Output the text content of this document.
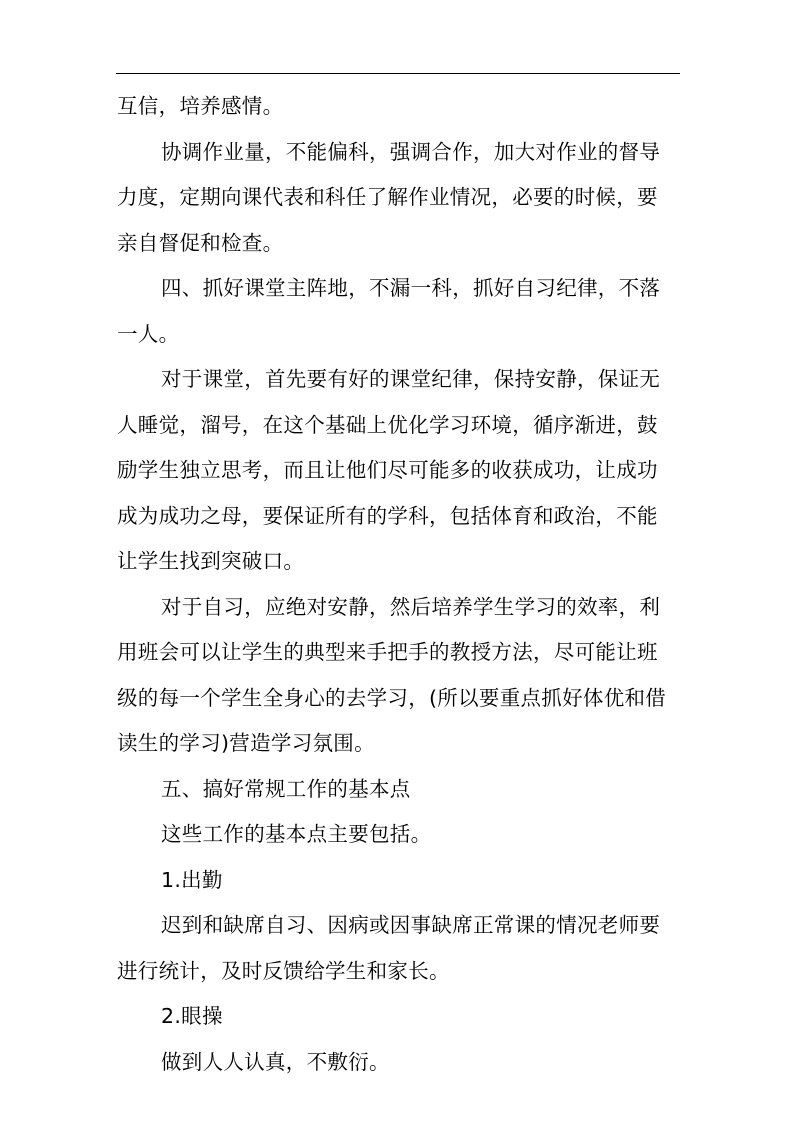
互信，培养感情。

协调作业量，不能偏科，强调合作，加大对作业的督导

力度，定期向课代表和科任了解作业情况，必要的时候，要

亲自督促和检查。

四、抓好课堂主阵地，不漏一科，抓好自习纪律，不落

一人。

对于课堂，首先要有好的课堂纪律，保持安静，保证无

人睡觉，溜号，在这个基础上优化学习环境，循序渐进，鼓

励学生独立思考，而且让他们尽可能多的收获成功，让成功

成为成功之母，要保证所有的学科，包括体育和政治，不能

让学生找到突破口。

对于自习，应绝对安静，然后培养学生学习的效率，利

用班会可以让学生的典型来手把手的教授方法，尽可能让班

级的每一个学生全身心的去学习，(所以要重点抓好体优和借

读生的学习)营造学习氛围。

五、搞好常规工作的基本点

这些工作的基本点主要包括。

1.出勤

迟到和缺席自习、因病或因事缺席正常课的情况老师要

进行统计，及时反馈给学生和家长。

2.眼操

做到人人认真，不敷衍。
